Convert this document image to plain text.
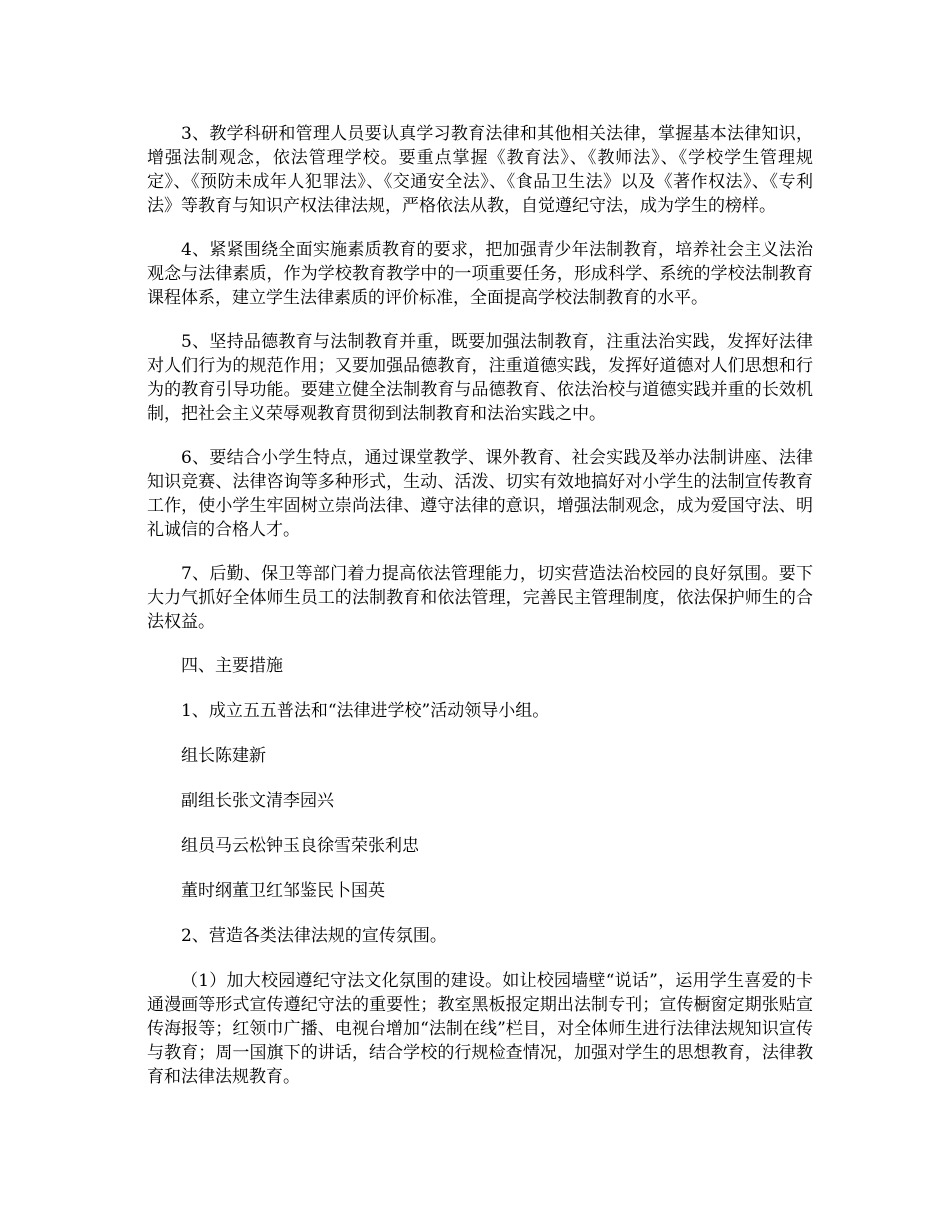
3、教学科研和管理人员要认真学习教育法律和其他相关法律，掌握基本法律知识，增强法制观念，依法管理学校。要重点掌握《教育法》、《教师法》、《学校学生管理规定》、《预防未成年人犯罪法》、《交通安全法》、《食品卫生法》以及《著作权法》、《专利法》等教育与知识产权法律法规，严格依法从教，自觉遵纪守法，成为学生的榜样。

4、紧紧围绕全面实施素质教育的要求，把加强青少年法制教育，培养社会主义法治观念与法律素质，作为学校教育教学中的一项重要任务，形成科学、系统的学校法制教育课程体系，建立学生法律素质的评价标准，全面提高学校法制教育的水平。

5、坚持品德教育与法制教育并重，既要加强法制教育，注重法治实践，发挥好法律对人们行为的规范作用；又要加强品德教育，注重道德实践，发挥好道德对人们思想和行为的教育引导功能。要建立健全法制教育与品德教育、依法治校与道德实践并重的长效机制，把社会主义荣辱观教育贯彻到法制教育和法治实践之中。

6、要结合小学生特点，通过课堂教学、课外教育、社会实践及举办法制讲座、法律知识竞赛、法律咨询等多种形式，生动、活泼、切实有效地搞好对小学生的法制宣传教育工作，使小学生牢固树立崇尚法律、遵守法律的意识，增强法制观念，成为爱国守法、明礼诚信的合格人才。

7、后勤、保卫等部门着力提高依法管理能力，切实营造法治校园的良好氛围。要下大力气抓好全体师生员工的法制教育和依法管理，完善民主管理制度，依法保护师生的合法权益。

四、主要措施

1、成立五五普法和“法律进学校”活动领导小组。

组长陈建新

副组长张文清李园兴

组员马云松钟玉良徐雪荣张利忠

董时纲董卫红邹鉴民卜国英

2、营造各类法律法规的宣传氛围。

（1）加大校园遵纪守法文化氛围的建设。如让校园墙壁“说话”，运用学生喜爱的卡通漫画等形式宣传遵纪守法的重要性；教室黑板报定期出法制专刊；宣传橱窗定期张贴宣传海报等；红领巾广播、电视台增加“法制在线”栏目，对全体师生进行法律法规知识宣传与教育；周一国旗下的讲话，结合学校的行规检查情况，加强对学生的思想教育，法律教育和法律法规教育。
